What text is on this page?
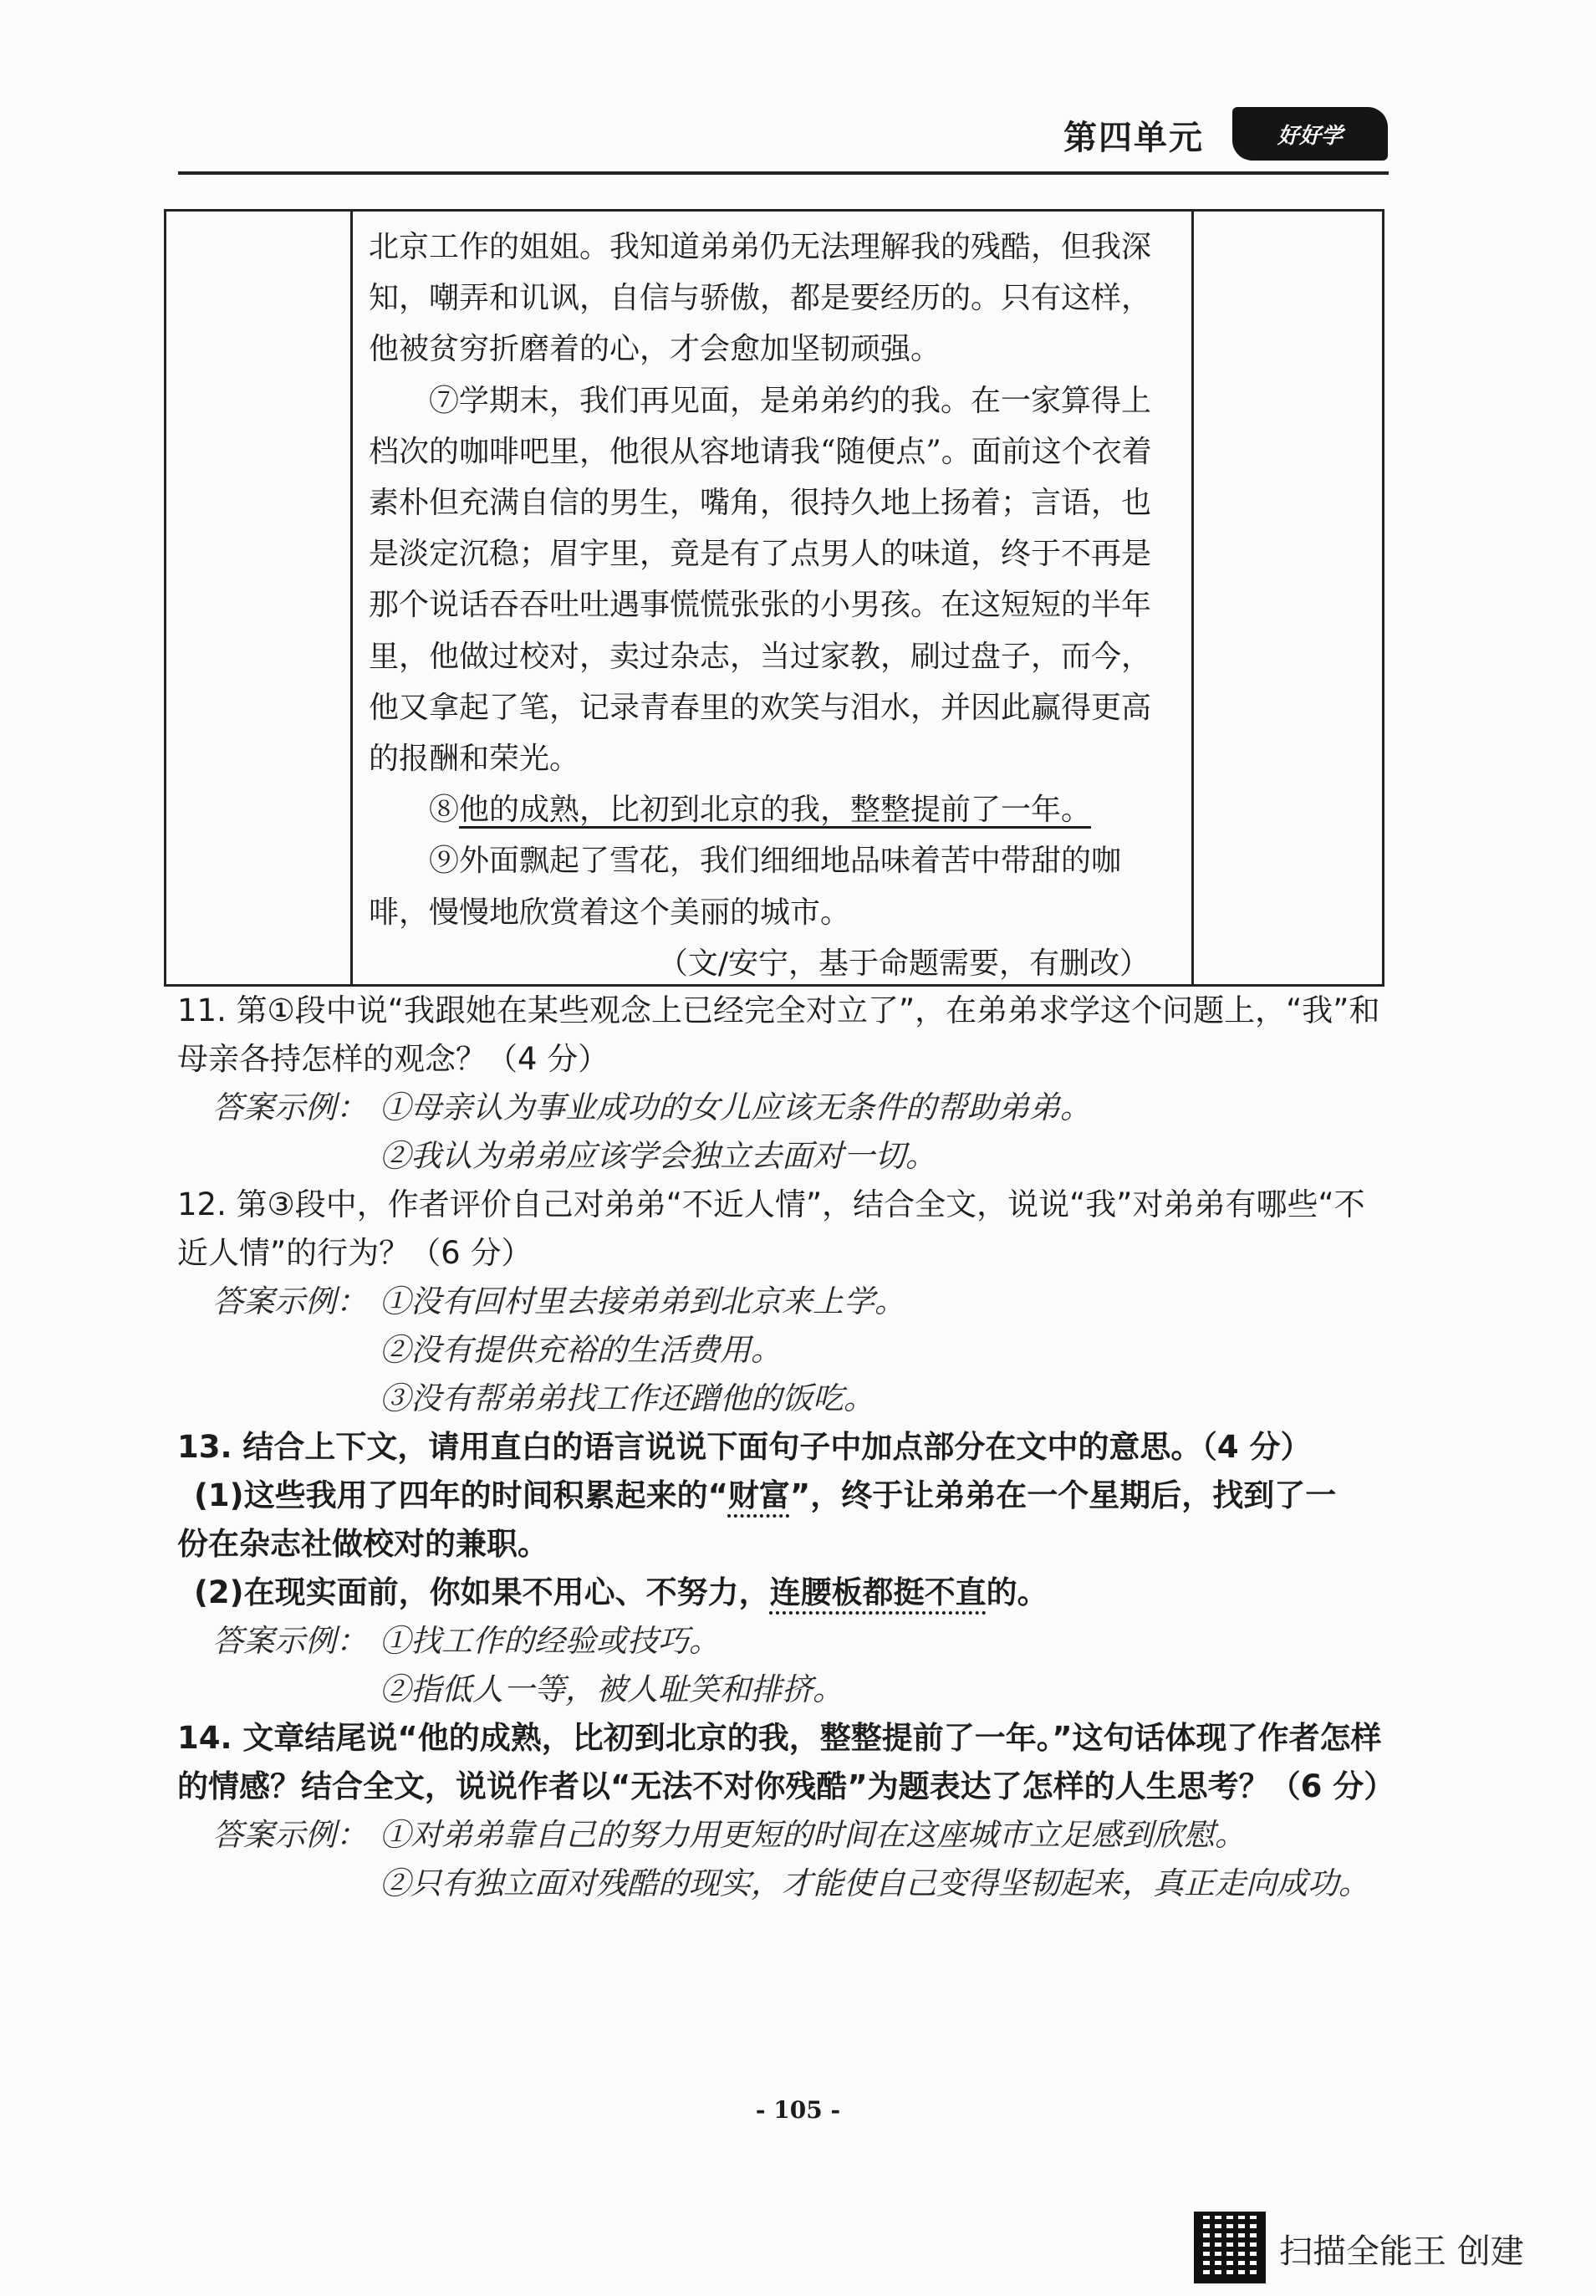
第四单元	好好学

北京工作的姐姐。我知道弟弟仍无法理解我的残酷，但我深知，嘲弄和讥讽，自信与骄傲，都是要经历的。只有这样，他被贫穷折磨着的心，才会愈加坚韧顽强。

⑦学期末，我们再见面，是弟弟约的我。在一家算得上档次的咖啡吧里，他很从容地请我“随便点”。面前这个衣着素朴但充满自信的男生，嘴角，很持久地上扬着；言语，也是淡定沉稳；眉宇里，竟是有了点男人的味道，终于不再是那个说话吞吞吐吐遇事慌慌张张的小男孩。在这短短的半年里，他做过校对，卖过杂志，当过家教，刷过盘子，而今，他又拿起了笔，记录青春里的欢笑与泪水，并因此赢得更高的报酬和荣光。

⑧他的成熟，比初到北京的我，整整提前了一年。

⑨外面飘起了雪花，我们细细地品味着苦中带甜的咖啡，慢慢地欣赏着这个美丽的城市。

（文/安宁，基于命题需要，有删改）

11. 第①段中说“我跟她在某些观念上已经完全对立了”，在弟弟求学这个问题上，“我”和母亲各持怎样的观念？（4 分）

答案示例： ①母亲认为事业成功的女儿应该无条件的帮助弟弟。

②我认为弟弟应该学会独立去面对一切。

12. 第③段中，作者评价自己对弟弟“不近人情”，结合全文，说说“我”对弟弟有哪些“不近人情”的行为？（6 分）

答案示例： ①没有回村里去接弟弟到北京来上学。

②没有提供充裕的生活费用。

③没有帮弟弟找工作还蹭他的饭吃。

13. 结合上下文，请用直白的语言说说下面句子中加点部分在文中的意思。（4 分）

(1)这些我用了四年的时间积累起来的“财富”，终于让弟弟在一个星期后，找到了一

份在杂志社做校对的兼职。

(2)在现实面前，你如果不用心、不努力，连腰板都挺不直的。

答案示例： ①找工作的经验或技巧。

②指低人一等，被人耻笑和排挤。

14. 文章结尾说“他的成熟，比初到北京的我，整整提前了一年。”这句话体现了作者怎样的情感？结合全文，说说作者以“无法不对你残酷”为题表达了怎样的人生思考？（6 分）

答案示例： ①对弟弟靠自己的努力用更短的时间在这座城市立足感到欣慰。

②只有独立面对残酷的现实，才能使自己变得坚韧起来，真正走向成功。

- 105 -
扫描全能王 创建
